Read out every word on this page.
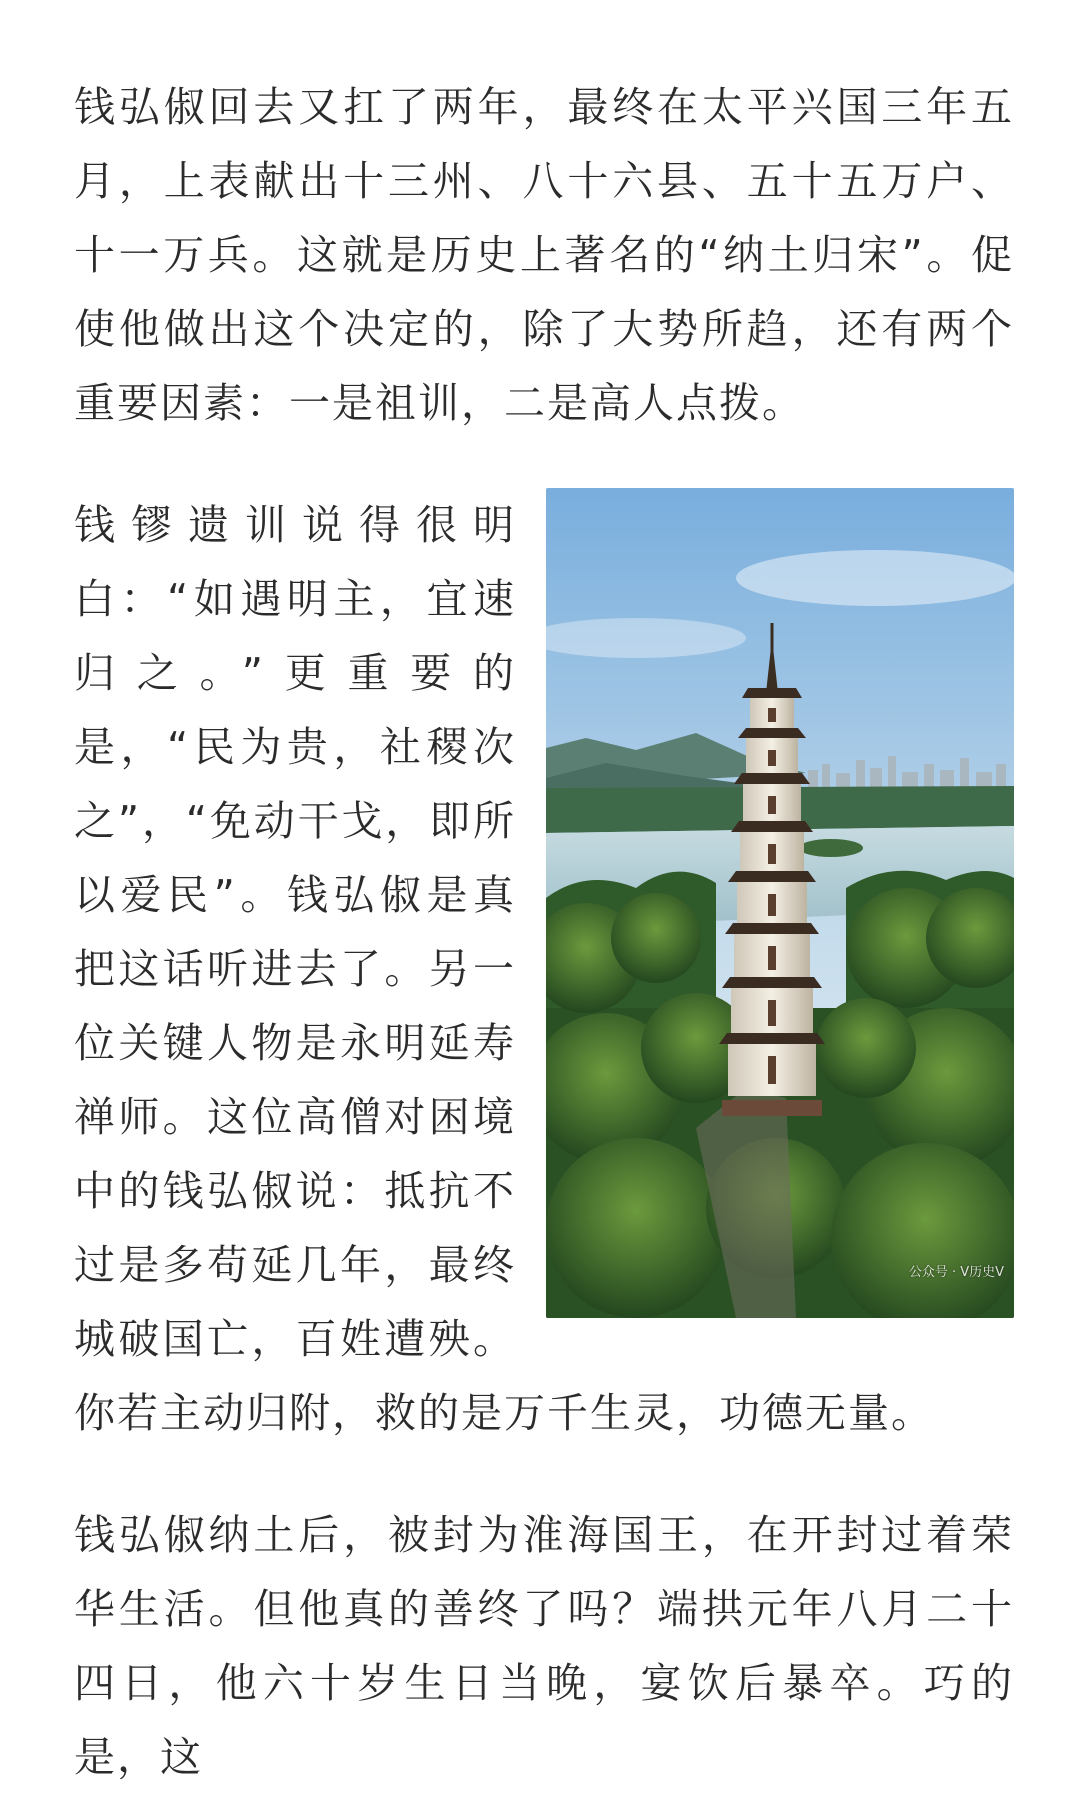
钱弘俶回去又扛了两年，最终在太平兴国三年五月，上表献出十三州、八十六县、五十五万户、十一万兵。这就是历史上著名的“纳土归宋”。促使他做出这个决定的，除了大势所趋，还有两个重要因素：一是祖训，二是高人点拨。

公众号 · V历史V
钱镠遗训说得很明白：“如遇明主，宜速归之。”更重要的是，“民为贵，社稷次之”，“免动干戈，即所以爱民”。钱弘俶是真把这话听进去了。另一位关键人物是永明延寿禅师。这位高僧对困境中的钱弘俶说：抵抗不过是多苟延几年，最终城破国亡，百姓遭殃。你若主动归附，救的是万千生灵，功德无量。

钱弘俶纳土后，被封为淮海国王，在开封过着荣华生活。但他真的善终了吗？端拱元年八月二十四日，他六十岁生日当晚，宴饮后暴卒。巧的是，这
